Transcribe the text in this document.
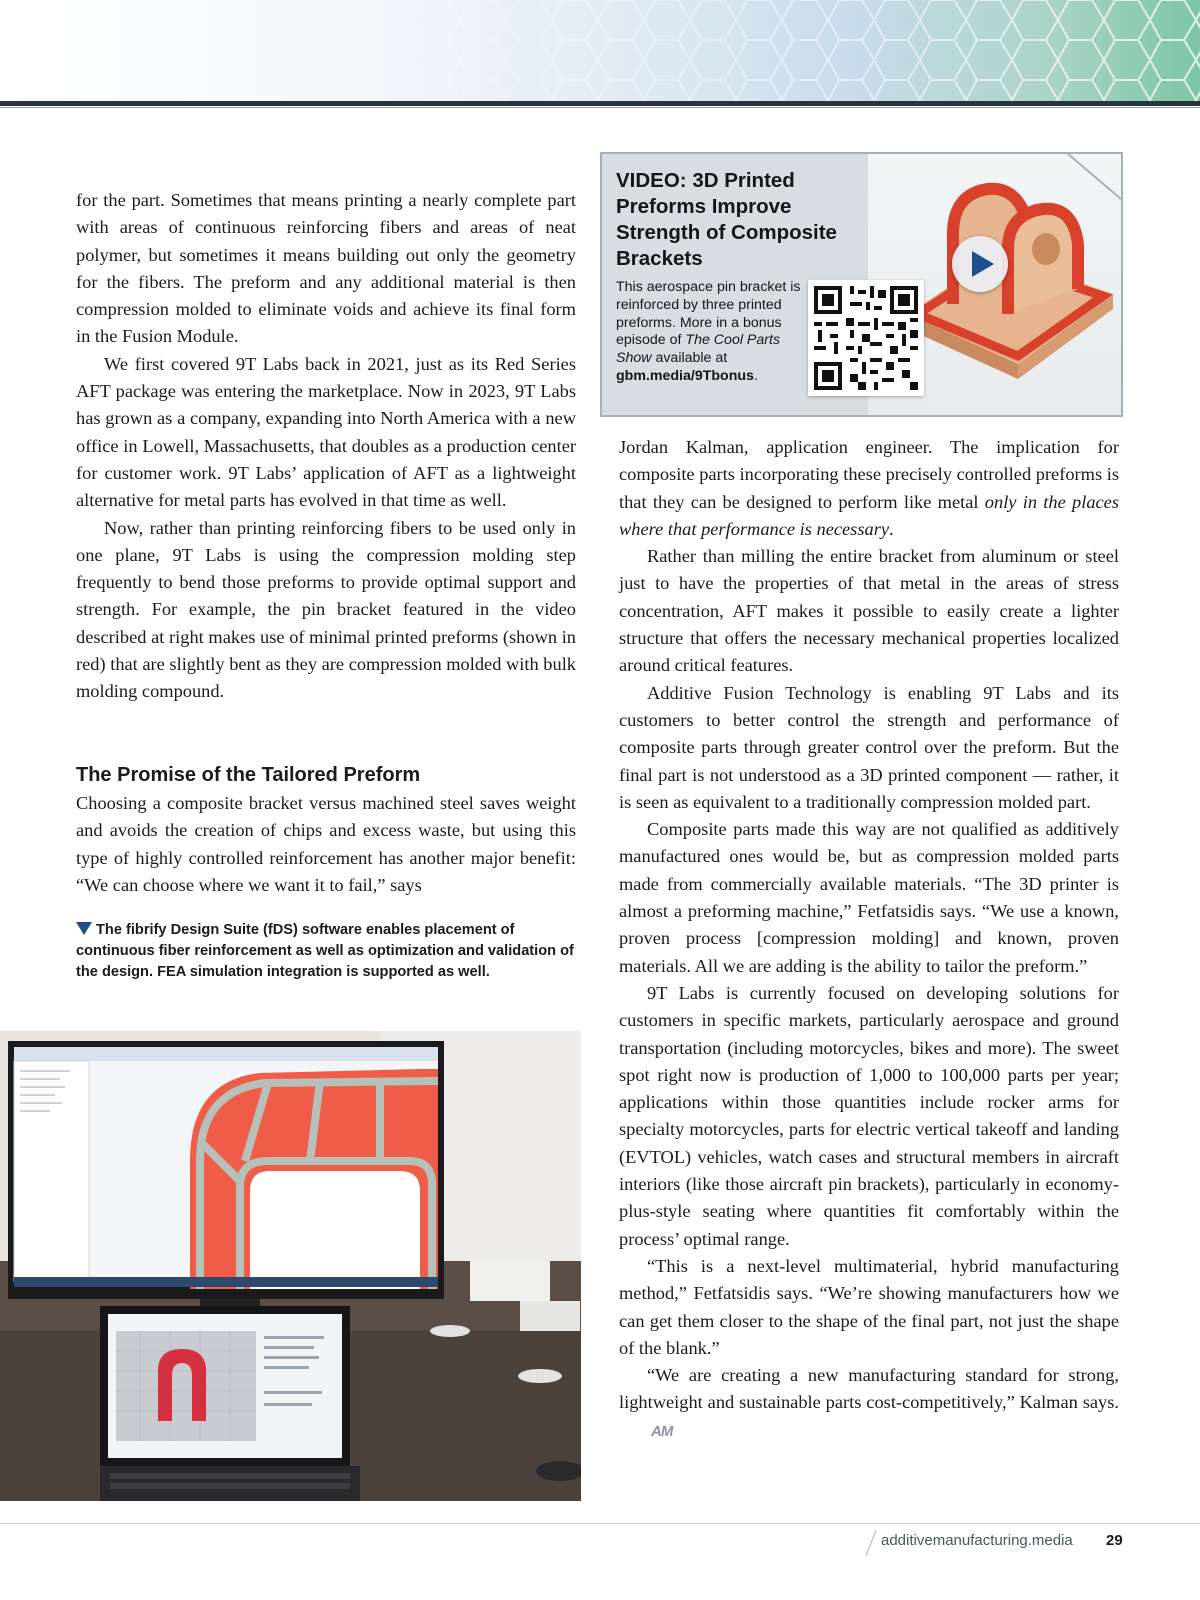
for the part. Sometimes that means printing a nearly complete part with areas of continuous reinforcing fibers and areas of neat polymer, but sometimes it means building out only the geometry for the fibers. The preform and any additional material is then compression molded to eliminate voids and achieve its final form in the Fusion Module.

We first covered 9T Labs back in 2021, just as its Red Series AFT package was entering the marketplace. Now in 2023, 9T Labs has grown as a company, expanding into North America with a new office in Lowell, Massachusetts, that doubles as a production center for customer work. 9T Labs’ application of AFT as a lightweight alternative for metal parts has evolved in that time as well.

Now, rather than printing reinforcing fibers to be used only in one plane, 9T Labs is using the compression molding step frequently to bend those preforms to provide optimal support and strength. For example, the pin bracket featured in the video described at right makes use of minimal printed preforms (shown in red) that are slightly bent as they are compression molded with bulk molding compound.

The Promise of the Tailored Preform

Choosing a composite bracket versus machined steel saves weight and avoids the creation of chips and excess waste, but using this type of highly controlled reinforcement has another major benefit: “We can choose where we want it to fail,” says

The fibrify Design Suite (fDS) software enables placement of continuous fiber reinforcement as well as optimization and validation of the design. FEA simulation integration is supported as well.
VIDEO: 3D Printed Preforms Improve Strength of Composite Brackets
This aerospace pin bracket is reinforced by three printed preforms. More in a bonus episode of The Cool Parts Show available at gbm.media/9Tbonus.

Jordan Kalman, application engineer. The implication for composite parts incorporating these precisely controlled preforms is that they can be designed to perform like metal only in the places where that performance is necessary.

Rather than milling the entire bracket from aluminum or steel just to have the properties of that metal in the areas of stress concentration, AFT makes it possible to easily create a lighter structure that offers the necessary mechanical properties localized around critical features.

Additive Fusion Technology is enabling 9T Labs and its customers to better control the strength and performance of composite parts through greater control over the preform. But the final part is not understood as a 3D printed component — rather, it is seen as equivalent to a traditionally compression molded part.

Composite parts made this way are not qualified as additively manufactured ones would be, but as compression molded parts made from commercially available materials. “The 3D printer is almost a preforming machine,” Fetfatsidis says. “We use a known, proven process [compression molding] and known, proven materials. All we are adding is the ability to tailor the preform.”

9T Labs is currently focused on developing solutions for customers in specific markets, particularly aerospace and ground transportation (including motorcycles, bikes and more). The sweet spot right now is production of 1,000 to 100,000 parts per year; applications within those quantities include rocker arms for specialty motorcycles, parts for electric vertical takeoff and landing (EVTOL) vehicles, watch cases and structural members in aircraft interiors (like those aircraft pin brackets), particularly in economy-plus-style seating where quantities fit comfortably within the process’ optimal range.

“This is a next-level multimaterial, hybrid manufacturing method,” Fetfatsidis says. “We’re showing manufacturers how we can get them closer to the shape of the final part, not just the shape of the blank.”

“We are creating a new manufacturing standard for strong, lightweight and sustainable parts cost-competitively,” Kalman says.AM

additivemanufacturing.media 29
